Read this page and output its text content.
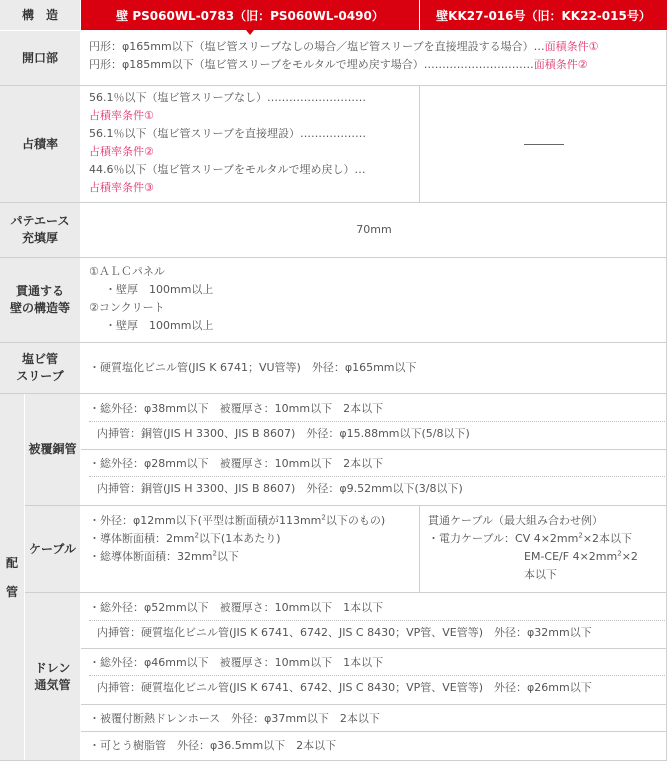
構　造	壁 PS060WL-0783（旧：PS060WL-0490）	壁KK27-016号（旧：KK22-015号）
開口部
円形：φ165mm以下（塩ビ管スリーブなしの場合／塩ビ管スリーブを直接埋設する場合）…面積条件①
円形：φ185mm以下（塩ビ管スリーブをモルタルで埋め戻す場合）…………………………面積条件②
占積率
56.1％以下（塩ビ管スリーブなし）………………………
占積率条件①
56.1％以下（塩ビ管スリーブを直接埋設）………………
占積率条件②
44.6％以下（塩ビ管スリーブをモルタルで埋め戻し）…
占積率条件③
パテエース
充填厚
70mm
貫通する
壁の構造等
①ＡＬＣパネル
・壁厚　100mm以上
②コンクリート
・壁厚　100mm以上
塩ビ管
スリーブ
・硬質塩化ビニル管(JIS K 6741；VU管等)　外径：φ165mm以下
配
管
被覆銅管
・総外径：φ38mm以下　被覆厚さ：10mm以下　2本以下
内挿管：銅管(JIS H 3300、JIS B 8607)　外径：φ15.88mm以下(5/8以下)
・総外径：φ28mm以下　被覆厚さ：10mm以下　2本以下
内挿管：銅管(JIS H 3300、JIS B 8607)　外径：φ9.52mm以下(3/8以下)
ケーブル
・外径：φ12mm以下(平型は断面積が$113mm^2$以下のもの)
・導体断面積：$2mm^2$以下(1本あたり)
・総導体断面積：$32mm^2$以下
貫通ケーブル（最大組み合わせ例）
・電力ケーブル：CV $4\times 2mm^2\times 2$本以下
EM-CE/F $4\times 2mm^2\times 2$
本以下
ドレン
通気管
・総外径：φ52mm以下　被覆厚さ：10mm以下　1本以下
内挿管：硬質塩化ビニル管(JIS K 6741、6742、JIS C 8430；VP管、VE管等)　外径：φ32mm以下
・総外径：φ46mm以下　被覆厚さ：10mm以下　1本以下
内挿管：硬質塩化ビニル管(JIS K 6741、6742、JIS C 8430；VP管、VE管等)　外径：φ26mm以下
・被覆付断熱ドレンホース　外径：φ37mm以下　2本以下
・可とう樹脂管　外径：φ36.5mm以下　2本以下
